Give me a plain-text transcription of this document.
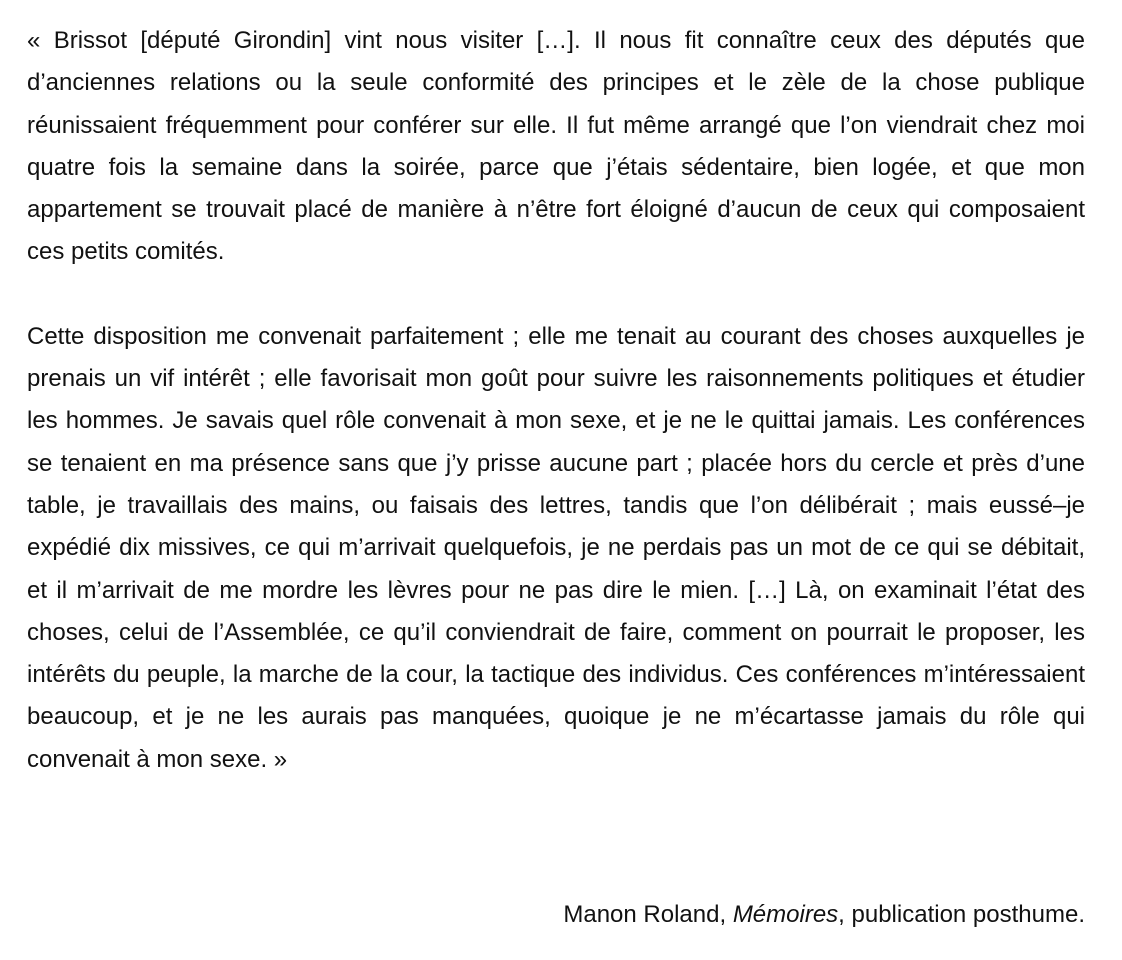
« Brissot [député Girondin] vint nous visiter […]. Il nous fit connaître ceux des députés que d’anciennes relations ou la seule conformité des principes et le zèle de la chose publique réunissaient fréquemment pour conférer sur elle. Il fut même arrangé que l’on viendrait chez moi quatre fois la semaine dans la soirée, parce que j’étais sédentaire, bien logée, et que mon appartement se trouvait placé de manière à n’être fort éloigné d’aucun de ceux qui composaient ces petits comités.

Cette disposition me convenait parfaitement ; elle me tenait au courant des choses auxquelles je prenais un vif intérêt ; elle favorisait mon goût pour suivre les raisonnements politiques et étudier les hommes. Je savais quel rôle convenait à mon sexe, et je ne le quittai jamais. Les conférences se tenaient en ma présence sans que j’y prisse aucune part ; placée hors du cercle et près d’une table, je travaillais des mains, ou faisais des lettres, tandis que l’on délibérait ; mais eussé–je expédié dix missives, ce qui m’arrivait quelquefois, je ne perdais pas un mot de ce qui se débitait, et il m’arrivait de me mordre les lèvres pour ne pas dire le mien. […] Là, on examinait l’état des choses, celui de l’Assemblée, ce qu’il conviendrait de faire, comment on pourrait le proposer, les intérêts du peuple, la marche de la cour, la tactique des individus. Ces conférences m’intéressaient beaucoup, et je ne les aurais pas manquées, quoique je ne m’écartasse jamais du rôle qui convenait à mon sexe. »

Manon Roland, Mémoires, publication posthume.
